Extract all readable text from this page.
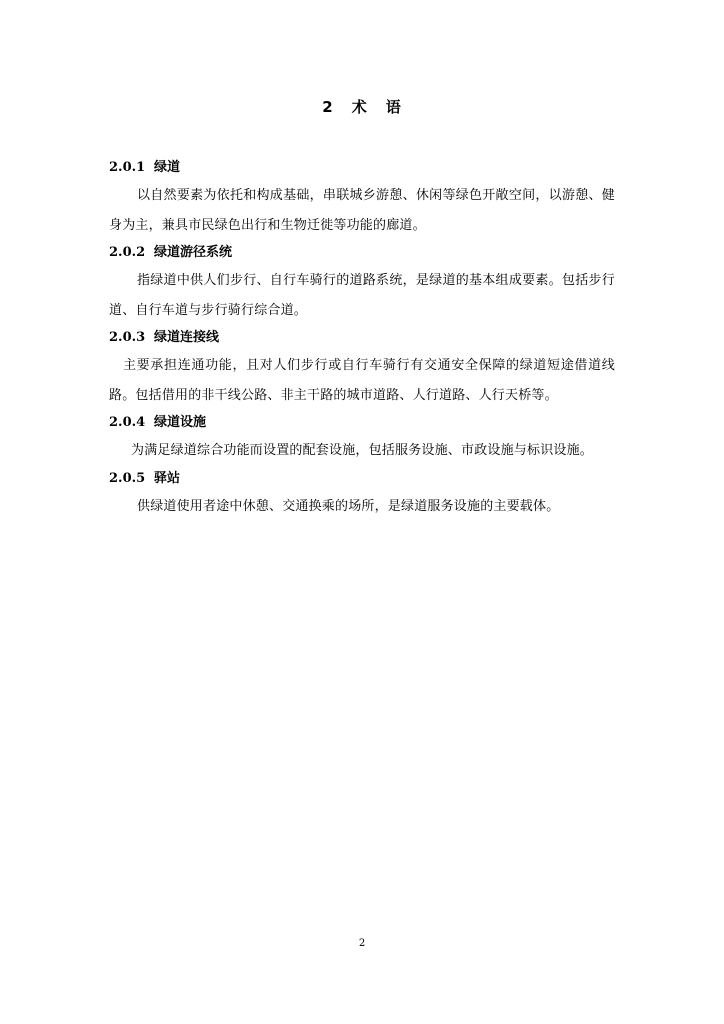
2 术 语
2.0.1 绿道

以自然要素为依托和构成基础，串联城乡游憩、休闲等绿色开敞空间，以游憩、健身为主，兼具市民绿色出行和生物迁徙等功能的廊道。

2.0.2 绿道游径系统

指绿道中供人们步行、自行车骑行的道路系统，是绿道的基本组成要素。包括步行道、自行车道与步行骑行综合道。

2.0.3 绿道连接线

主要承担连通功能，且对人们步行或自行车骑行有交通安全保障的绿道短途借道线路。包括借用的非干线公路、非主干路的城市道路、人行道路、人行天桥等。

2.0.4 绿道设施

为满足绿道综合功能而设置的配套设施，包括服务设施、市政设施与标识设施。

2.0.5 驿站

供绿道使用者途中休憩、交通换乘的场所，是绿道服务设施的主要载体。

2
